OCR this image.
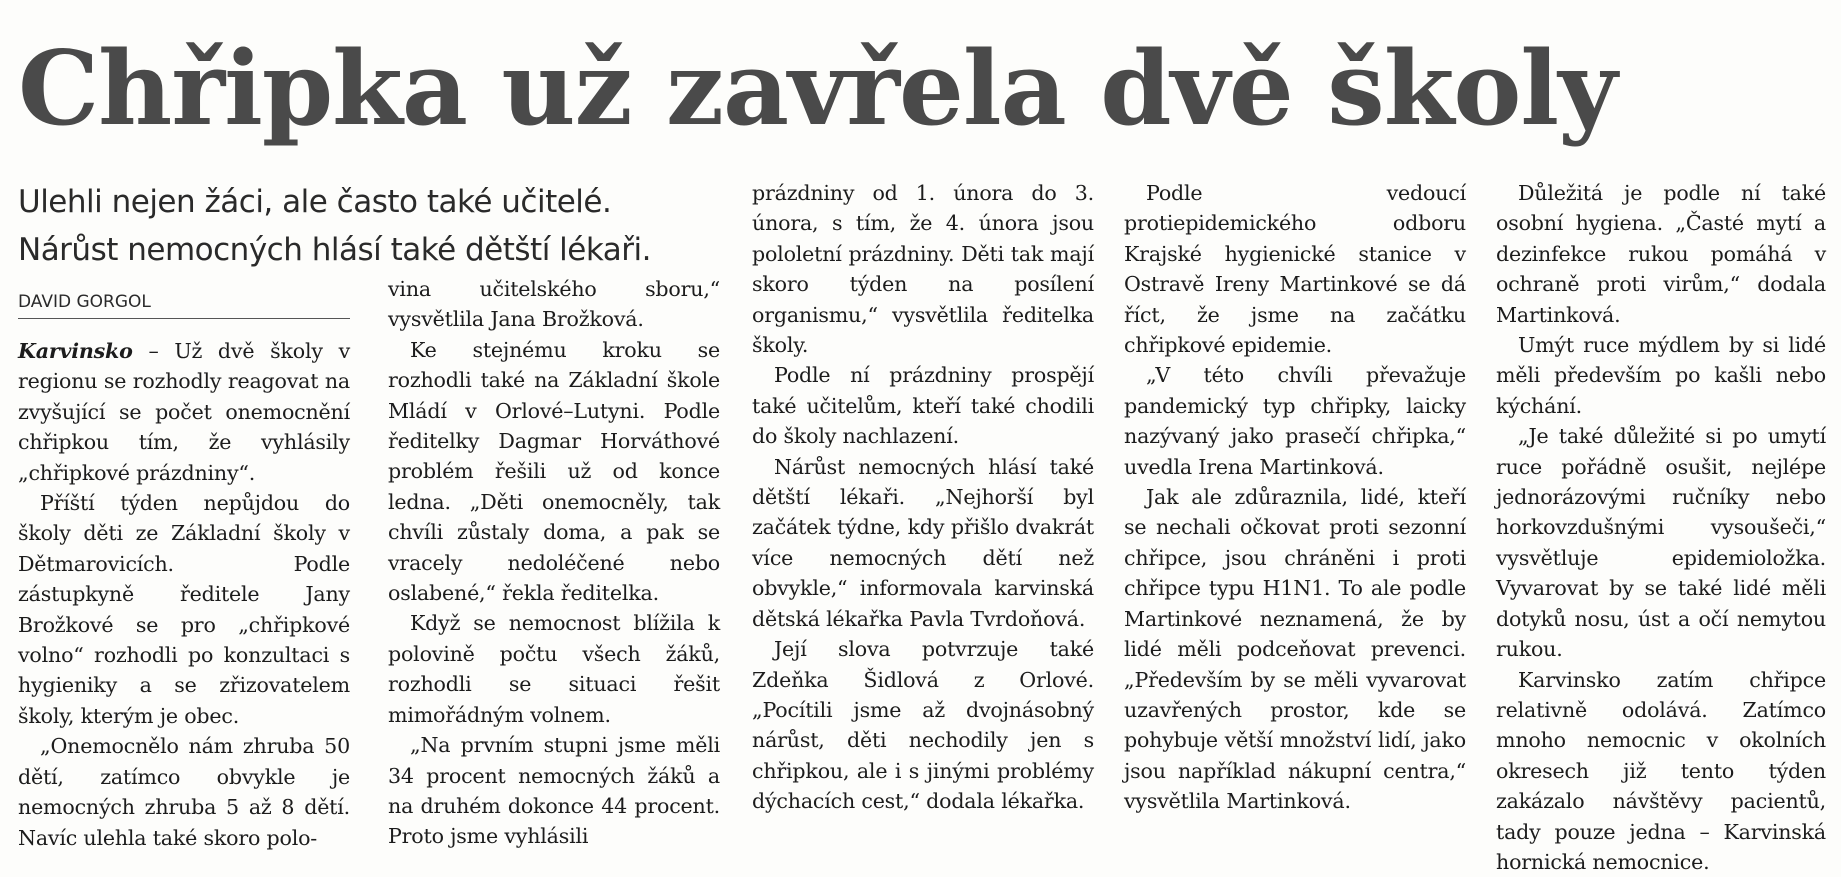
Chřipka už zavřela dvě školy
Ulehli nejen žáci, ale často také učitelé.
Nárůst nemocných hlásí také dětští lékaři.
DAVID GORGOL

Karvinsko – Už dvě školy v regionu se rozhodly reagovat na zvyšující se počet onemocnění chřipkou tím, že vyhlásily „chřipkové prázdniny“.

Příští týden nepůjdou do školy děti ze Základní školy v Dětmarovicích. Podle zástupkyně ředitele Jany Brožkové se pro „chřipkové volno“ rozhodli po konzultaci s hygieniky a se zřizovatelem školy, kterým je obec.

„Onemocnělo nám zhruba 50 dětí, zatímco obvykle je nemocných zhruba 5 až 8 dětí. Navíc ulehla také skoro polo-

vina učitelského sboru,“ vysvětlila Jana Brožková.

Ke stejnému kroku se rozhodli také na Základní škole Mládí v Orlové–Lutyni. Podle ředitelky Dagmar Horváthové problém řešili už od konce ledna. „Děti onemocněly, tak chvíli zůstaly doma, a pak se vracely nedoléčené nebo oslabené,“ řekla ředitelka.

Když se nemocnost blížila k polovině počtu všech žáků, rozhodli se situaci řešit mimořádným volnem.

„Na prvním stupni jsme měli 34 procent nemocných žáků a na druhém dokonce 44 procent. Proto jsme vyhlásili

prázdniny od 1. února do 3. února, s tím, že 4. února jsou pololetní prázdniny. Děti tak mají skoro týden na posílení organismu,“ vysvětlila ředitelka školy.

Podle ní prázdniny prospějí také učitelům, kteří také chodili do školy nachlazení.

Nárůst nemocných hlásí také dětští lékaři. „Nejhorší byl začátek týdne, kdy přišlo dvakrát více nemocných dětí než obvykle,“ informovala karvinská dětská lékařka Pavla Tvrdoňová.

Její slova potvrzuje také Zdeňka Šidlová z Orlové. „Pocítili jsme až dvojnásobný nárůst, děti nechodily jen s chřipkou, ale i s jinými problémy dýchacích cest,“ dodala lékařka.

Podle vedoucí protiepidemického odboru Krajské hygienické stanice v Ostravě Ireny Martinkové se dá říct, že jsme na začátku chřipkové epidemie.

„V této chvíli převažuje pandemický typ chřipky, laicky nazývaný jako prasečí chřipka,“ uvedla Irena Martinková.

Jak ale zdůraznila, lidé, kteří se nechali očkovat proti sezonní chřipce, jsou chráněni i proti chřipce typu H1N1. To ale podle Martinkové neznamená, že by lidé měli podceňovat prevenci. „Především by se měli vyvarovat uzavřených prostor, kde se pohybuje větší množství lidí, jako jsou například nákupní centra,“ vysvětlila Martinková.

Důležitá je podle ní také osobní hygiena. „Časté mytí a dezinfekce rukou pomáhá v ochraně proti virům,“ dodala Martinková.

Umýt ruce mýdlem by si lidé měli především po kašli nebo kýchání.

„Je také důležité si po umytí ruce pořádně osušit, nejlépe jednorázovými ručníky nebo horkovzdušnými vysoušeči,“ vysvětluje epidemioložka. Vyvarovat by se také lidé měli dotyků nosu, úst a očí nemytou rukou.

Karvinsko zatím chřipce relativně odolává. Zatímco mnoho nemocnic v okolních okresech již tento týden zakázalo návštěvy pacientů, tady pouze jedna – Karvinská hornická nemocnice.
